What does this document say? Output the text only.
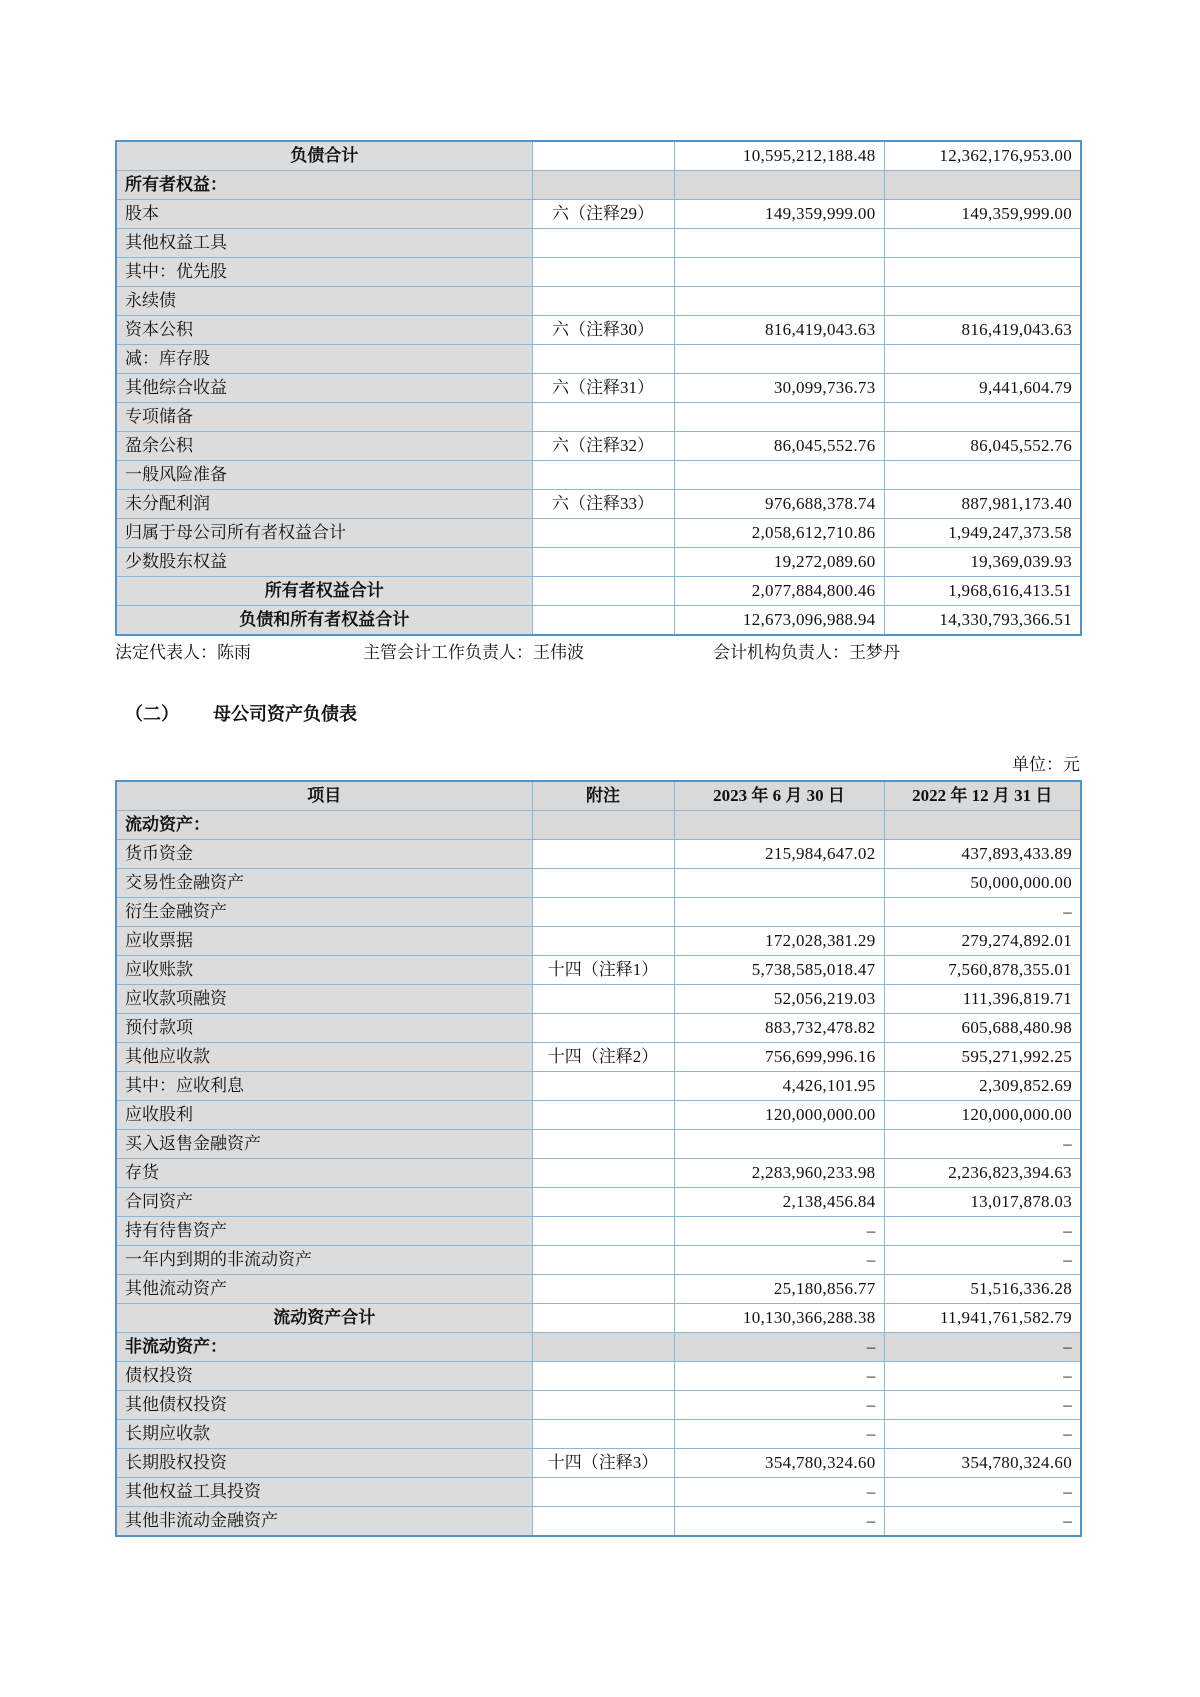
负债合计		10,595,212,188.48	12,362,176,953.00
所有者权益：			
股本	六（注释29）	149,359,999.00	149,359,999.00
其他权益工具			
其中：优先股			
永续债			
资本公积	六（注释30）	816,419,043.63	816,419,043.63
减：库存股			
其他综合收益	六（注释31）	30,099,736.73	9,441,604.79
专项储备			
盈余公积	六（注释32）	86,045,552.76	86,045,552.76
一般风险准备			
未分配利润	六（注释33）	976,688,378.74	887,981,173.40
归属于母公司所有者权益合计		2,058,612,710.86	1,949,247,373.58
少数股东权益		19,272,089.60	19,369,039.93
所有者权益合计		2,077,884,800.46	1,968,616,413.51
负债和所有者权益合计		12,673,096,988.94	14,330,793,366.51
法定代表人：陈雨	主管会计工作负责人：王伟波	会计机构负责人：王梦丹
（二） 母公司资产负债表
单位：元
项目	附注	2023 年 6 月 30 日	2022 年 12 月 31 日
流动资产：			
货币资金		215,984,647.02	437,893,433.89
交易性金融资产			50,000,000.00
衍生金融资产			–
应收票据		172,028,381.29	279,274,892.01
应收账款	十四（注释1）	5,738,585,018.47	7,560,878,355.01
应收款项融资		52,056,219.03	111,396,819.71
预付款项		883,732,478.82	605,688,480.98
其他应收款	十四（注释2）	756,699,996.16	595,271,992.25
其中：应收利息		4,426,101.95	2,309,852.69
应收股利		120,000,000.00	120,000,000.00
买入返售金融资产			–
存货		2,283,960,233.98	2,236,823,394.63
合同资产		2,138,456.84	13,017,878.03
持有待售资产		–	–
一年内到期的非流动资产		–	–
其他流动资产		25,180,856.77	51,516,336.28
流动资产合计		10,130,366,288.38	11,941,761,582.79
非流动资产：		–	–
债权投资		–	–
其他债权投资		–	–
长期应收款		–	–
长期股权投资	十四（注释3）	354,780,324.60	354,780,324.60
其他权益工具投资		–	–
其他非流动金融资产		–	–
